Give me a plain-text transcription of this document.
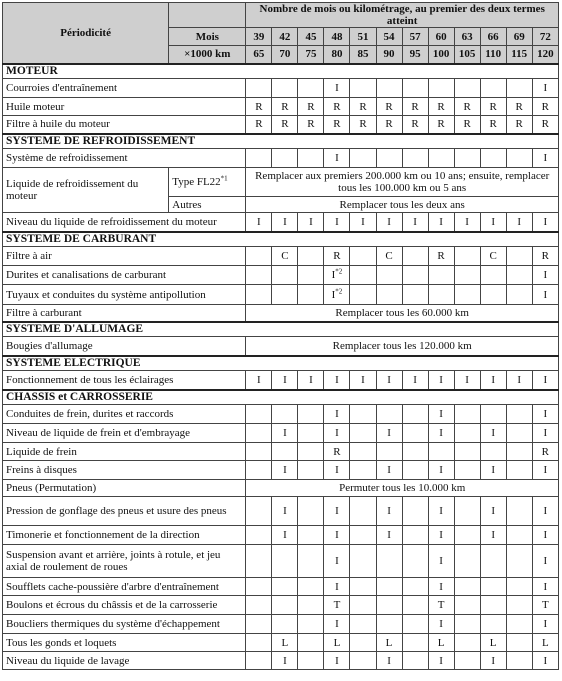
Périodicité		Nombre de mois ou kilométrage, au premier des deux termes atteint											
	Mois	39	42	45	48	51	54	57	60	63	66	69	72
	×1000 km	65	70	75	80	85	90	95	100	105	110	115	120
MOTEUR													
Courroies d'entraînement					I								I
Huile moteur		R	R	R	R	R	R	R	R	R	R	R	R
Filtre à huile du moteur		R	R	R	R	R	R	R	R	R	R	R	R
SYSTEME DE REFROIDISSEMENT													
Système de refroidissement					I								I
Liquide de refroidissement du moteur	Type FL22$^{*1}$	Remplacer aux premiers 200.000 km ou 10 ans; ensuite, remplacer tous les 100.000 km ou 5 ans											
	Autres	Remplacer tous les deux ans											
Niveau du liquide de refroidissement du moteur		I	I	I	I	I	I	I	I	I	I	I	I
SYSTEME DE CARBURANT													
Filtre à air			C		R		C		R		C		R
Durites et canalisations de carburant					$I^{*2}$								I
Tuyaux et conduites du système antipollution					$I^{*2}$								I
Filtre à carburant		Remplacer tous les 60.000 km											
SYSTEME D'ALLUMAGE													
Bougies d'allumage		Remplacer tous les 120.000 km											
SYSTEME ELECTRIQUE													
Fonctionnement de tous les éclairages		I	I	I	I	I	I	I	I	I	I	I	I
CHASSIS et CARROSSERIE													
Conduites de frein, durites et raccords					I				I				I
Niveau de liquide de frein et d'embrayage			I		I		I		I		I		I
Liquide de frein					R								R
Freins à disques			I		I		I		I		I		I
Pneus (Permutation)		Permuter tous les 10.000 km											
Pression de gonflage des pneus et usure des pneus			I		I		I		I		I		I
Timonerie et fonctionnement de la direction			I		I		I		I		I		I
Suspension avant et arrière, joints à rotule, et jeu axial de roulement de roues					I				I				I
Soufflets cache-poussière d'arbre d'entraînement					I				I				I
Boulons et écrous du châssis et de la carrosserie					T				T				T
Boucliers thermiques du système d'échappement					I				I				I
Tous les gonds et loquets			L		L		L		L		L		L
Niveau du liquide de lavage			I		I		I		I		I		I
